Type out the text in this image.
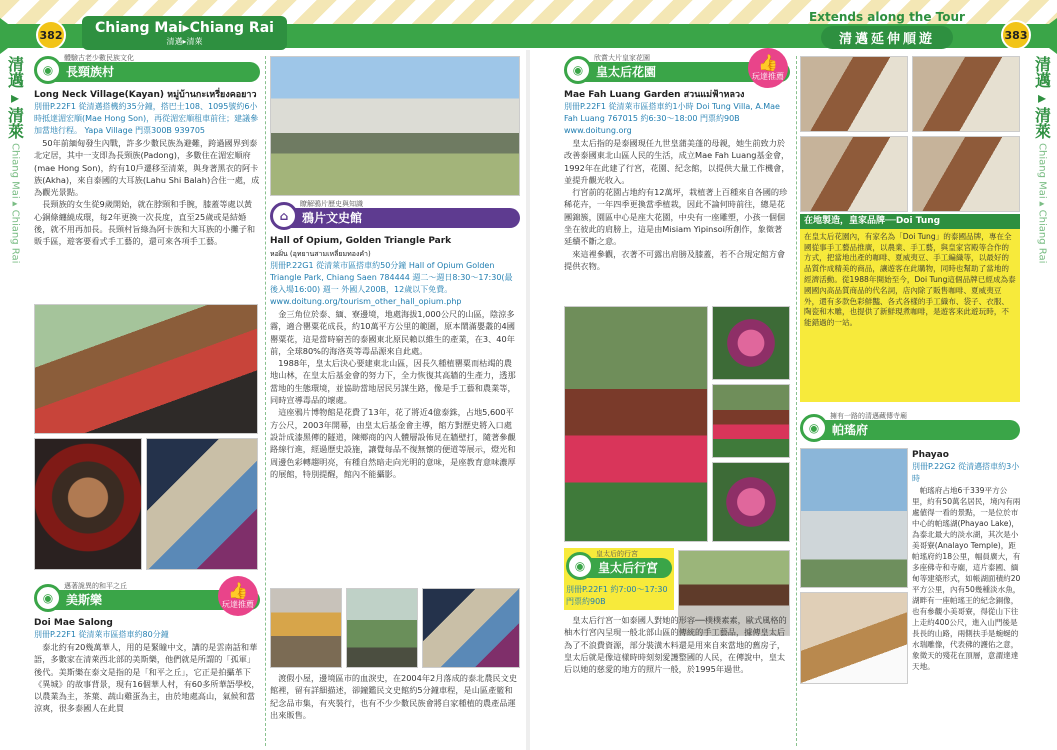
382	383
Chiang Mai▸Chiang Rai
清邁▸清萊
Extends along the Tour
清邁延伸順遊
清邁▸清萊
Chiang Mai▸Chiang Rai
清邁▸清萊
Chiang Mai▸Chiang Rai
體驗古老少數民族文化
◉	長頸族村
Long Neck Village(Kayan) หมู่บ้านกะเหรี่ยงคอยาว
別冊P.22F1 從清邁搭機約35分鐘，搭巴士108、1095號約6小時抵達湄宏順(Mae Hong Son)，再從湄宏順租車前往；建議參加當地行程。 Yapa Village 門票300B 939705

50年前緬甸發生內戰，許多少數民族為避難，跨過國界到泰北定居，其中一支即為長頸族(Padong)，多數住在湄宏順府(mae Hong Son)，約有10戶遷移至清萊，與身著黑衣的阿卡族(Akha)，來自泰國的大耳族(Lahu Shi Balah)合住一處，成為觀光景點。

長頸族的女生從9歲開始，就在脖頸和手腕，膝蓋等處以黃心銅條纏繞成環，每2年更換一次長度，直至25歲或是結婚後，就不用再加長。長頸村旨綠為阿卡族和大耳族的小攤子和販手區，遊客要看式手工藝的，還可來各項手工藝。

邁著詭異的和平之丘
◉	美斯樂
👍
玩達推薦
Doi Mae Salong
別冊P.22F1 從清萊市區搭車約80分鐘

泰北約有20幾萬華人，用的是緊瞳中文，講的是雲南話和華語，多數家在清萊西北部的美斯樂，他們就是所謂的「孤軍」後代。美斯樂在泰文是指的是「和平之丘」，它正是拍攝革下《異城》的故事背景，現有16個華人村，有60多所華語學校，以農業為主，茶葉、蔬山雞蛋為主，由於地處高山，氣候和當涼爽，很多泰國人在此買

瞭解鴉片歷史與知識
⌂	鴉片文史館
Hall of Opium, Golden Triangle Park
หอฝิ่น (อุทยานสามเหลี่ยมทองคำ)
別冊P.22G1 從清萊市區搭車約50分鐘 Hall of Opium Golden Triangle Park, Chiang Saen 784444 週二～週日8:30～17:30(最後入場16:00) 週一 外國人200B，12歲以下免費。 www.doitung.org/tourism_other_hall_opium.php

金三角位於泰、緬、寮邊境，地處海拔1,000公尺的山區，陰涼多霧，適合罌粟花成長，約10萬平方公里的範圍，原本鬧滿嬰叢的4國罌粟花，這是當時窮苦的泰國東北原民賴以維生的產業，在3、40年前，全球80%的海洛英等毒品源來自此處。

1988年，皇太后決心要建東北山區，因長久種植罌粟而枯竭的農地山林，在皇太后基金會的努力下，全力恢復其高牆的生產力，透那當地的生態環境，並協助當地居民另謀生路，像是手工藝和農業等，同時宣導毒品的壞處。

這座鴉片博物館是花費了13年，花了將近4億泰銖，占地5,600平方公尺，2003年開幕，由皇太后基金會主導，館方對歷史將入口處設計成漆黑傳的隧道，陳鄉商的內人體層設佈見在牆壁打，隨著參觀路線行進，經過歷史設施，讓覺每品不復無懷的便道等展示，燈光和周邊色彩轉趨明亮，有種自然暗走向光明的意味，是座教育意味濃厚的展館，特別提醒，館內不能攝影。

渡假小屋，邊境區市的血淚史，在2004年2月落成的泰北農民文史館裡，留有詳細描述，卻鐘鑑民文史館約5分鐘車程，是山區產籃和紀念品市集，有夾裝行，也有不少少數民族會將自家種植的農產品運出來販售。

欣賞大片皇家花園
◉	皇太后花園
👍
玩達推薦
Mae Fah Luang Garden สวนแม่ฟ้าหลวง
別冊P.22F1 從清萊市區搭車約1小時 Doi Tung Villa, A.Mae Fah Luang 767015 約6:30～18:00 門票約90B www.doitung.org

皇太后指的是泰國現任九世皇蒲美蓬的母親，她生前致力於改善泰國東北山區人民的生活，成立Mae Fah Luang基金會，1992年在此建了行宮，花園、紀念館，以提供大量工作機會，並提升觀光收入。

行宮前的花園占地約有12萬坪，栽植著上百種來自各國的珍稀花卉，一年四季更換當季植栽，因此不論何時前往，總是花團錦簇，園區中心是座大花園，中央有一座雕塑，小孩一個個坐在彼此的肩膀上，這是由Misiam Yipinsoi所創作，象徵著延續不斷之意。

來這裡參觀，衣著不可露出肩膀及膝蓋，若不合規定館方會提供衣物。

皇太后的行宮
◉	皇太后行宮
別冊P.22F1 約7:00～17:30 門票約90B

皇太后行宮一如泰國人對她的形容──樸樸素素，歐式風格的柚木行宮內呈現一般北部山區的傳統的手工藝品，據傳皇太后為了不浪費資源，部分裝潢木料還是用來自來當地的舊房子，皇太后就是像這樣時時刻刻愛護整國的人民，在傳說中，皇太后以她的慈愛的地方的照片一般，於1995年過世。

在地製造，皇家品牌──Doi Tung
在皇太后花園內，有家名為「Doi Tung」的泰國品牌，專在全國從事手工藝品推廣，以農業、手工藝，與皇家宮殿等合作的方式，把當地出產的咖啡、夏威夷豆、手工編織等，以最好的品質作成精美的商品，讓遊客在此購物，同時也幫助了當地的經濟活動。從1988年開始至今，Doi Tung這個品牌已經成為泰國國內高品質商品的代名詞，店內除了販售咖啡、夏威夷豆外，還有多款色彩鮮豔、各式各樣的手工織布、袋子、衣服、陶瓷和木雕，也提供了新鮮現煮咖啡，是遊客來此遊玩時，不能錯過的一站。
擁有一路的清邁藏傳寺廟
◉	帕瑤府
Phayao
別冊P.22G2 從清邁搭車約3小時

帕瑤府占地6千339平方公里，約有50萬名居民，境內有兩處値得一看的景點，一是位於市中心的帕瑤湖(Phayao Lake)，為泰北最大的淡水湖，其次是小美哥寮(Analayo Temple)，距帕瑤府約18公里，幅員廣大，有多座佛寺和寺廟，這片泰國、緬甸等建築形式，如帳湖面積約20平方公里，內有50幾種淡水魚，湖畔有一座帕瑤王的紀念銅像，也有參觀小美哥寮，得從山下往上走約400公尺，進入山門後是長長的山路，兩側扶手是蜿蜒的水瑞雕像，代表佛的護佑之意，象徵天的殘花在頂層，意謂達達天地。
